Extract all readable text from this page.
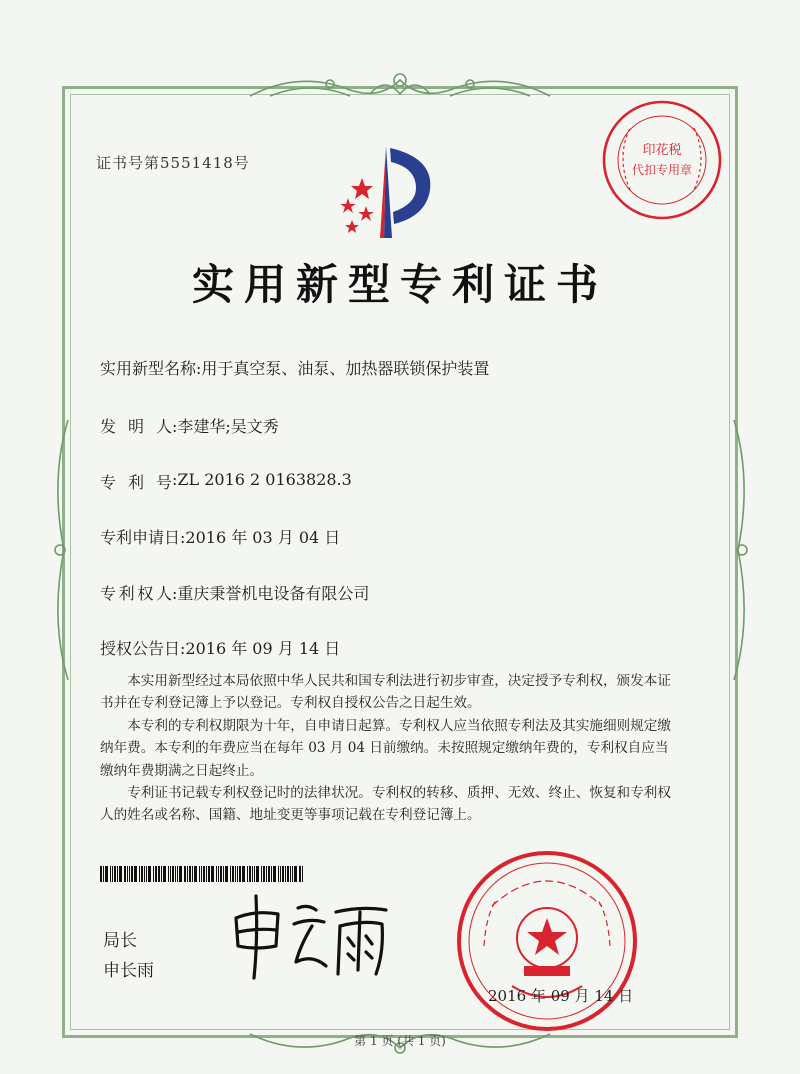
证书号第5551418号
实用新型专利证书
实用新型名称:用于真空泵、油泵、加热器联锁保护装置
发 明 人 :李建华;吴文秀
专 利 号 :ZL 2016 2 0163828.3
专利申请日:2016 年 03 月 04 日
专 利 权 人 :重庆秉誉机电设备有限公司
授权公告日:2016 年 09 月 14 日

本实用新型经过本局依照中华人民共和国专利法进行初步审查，决定授予专利权，颁发本证书并在专利登记簿上予以登记。专利权自授权公告之日起生效。

本专利的专利权期限为十年，自申请日起算。专利权人应当依照专利法及其实施细则规定缴纳年费。本专利的年费应当在每年 03 月 04 日前缴纳。未按照规定缴纳年费的，专利权自应当缴纳年费期满之日起终止。

专利证书记载专利权登记时的法律状况。专利权的转移、质押、无效、终止、恢复和专利权人的姓名或名称、国籍、地址变更等事项记载在专利登记簿上。

局长
申长雨
印花税
代扣专用章
2016 年 09 月 14 日
第 1 页 (共 1 页)
